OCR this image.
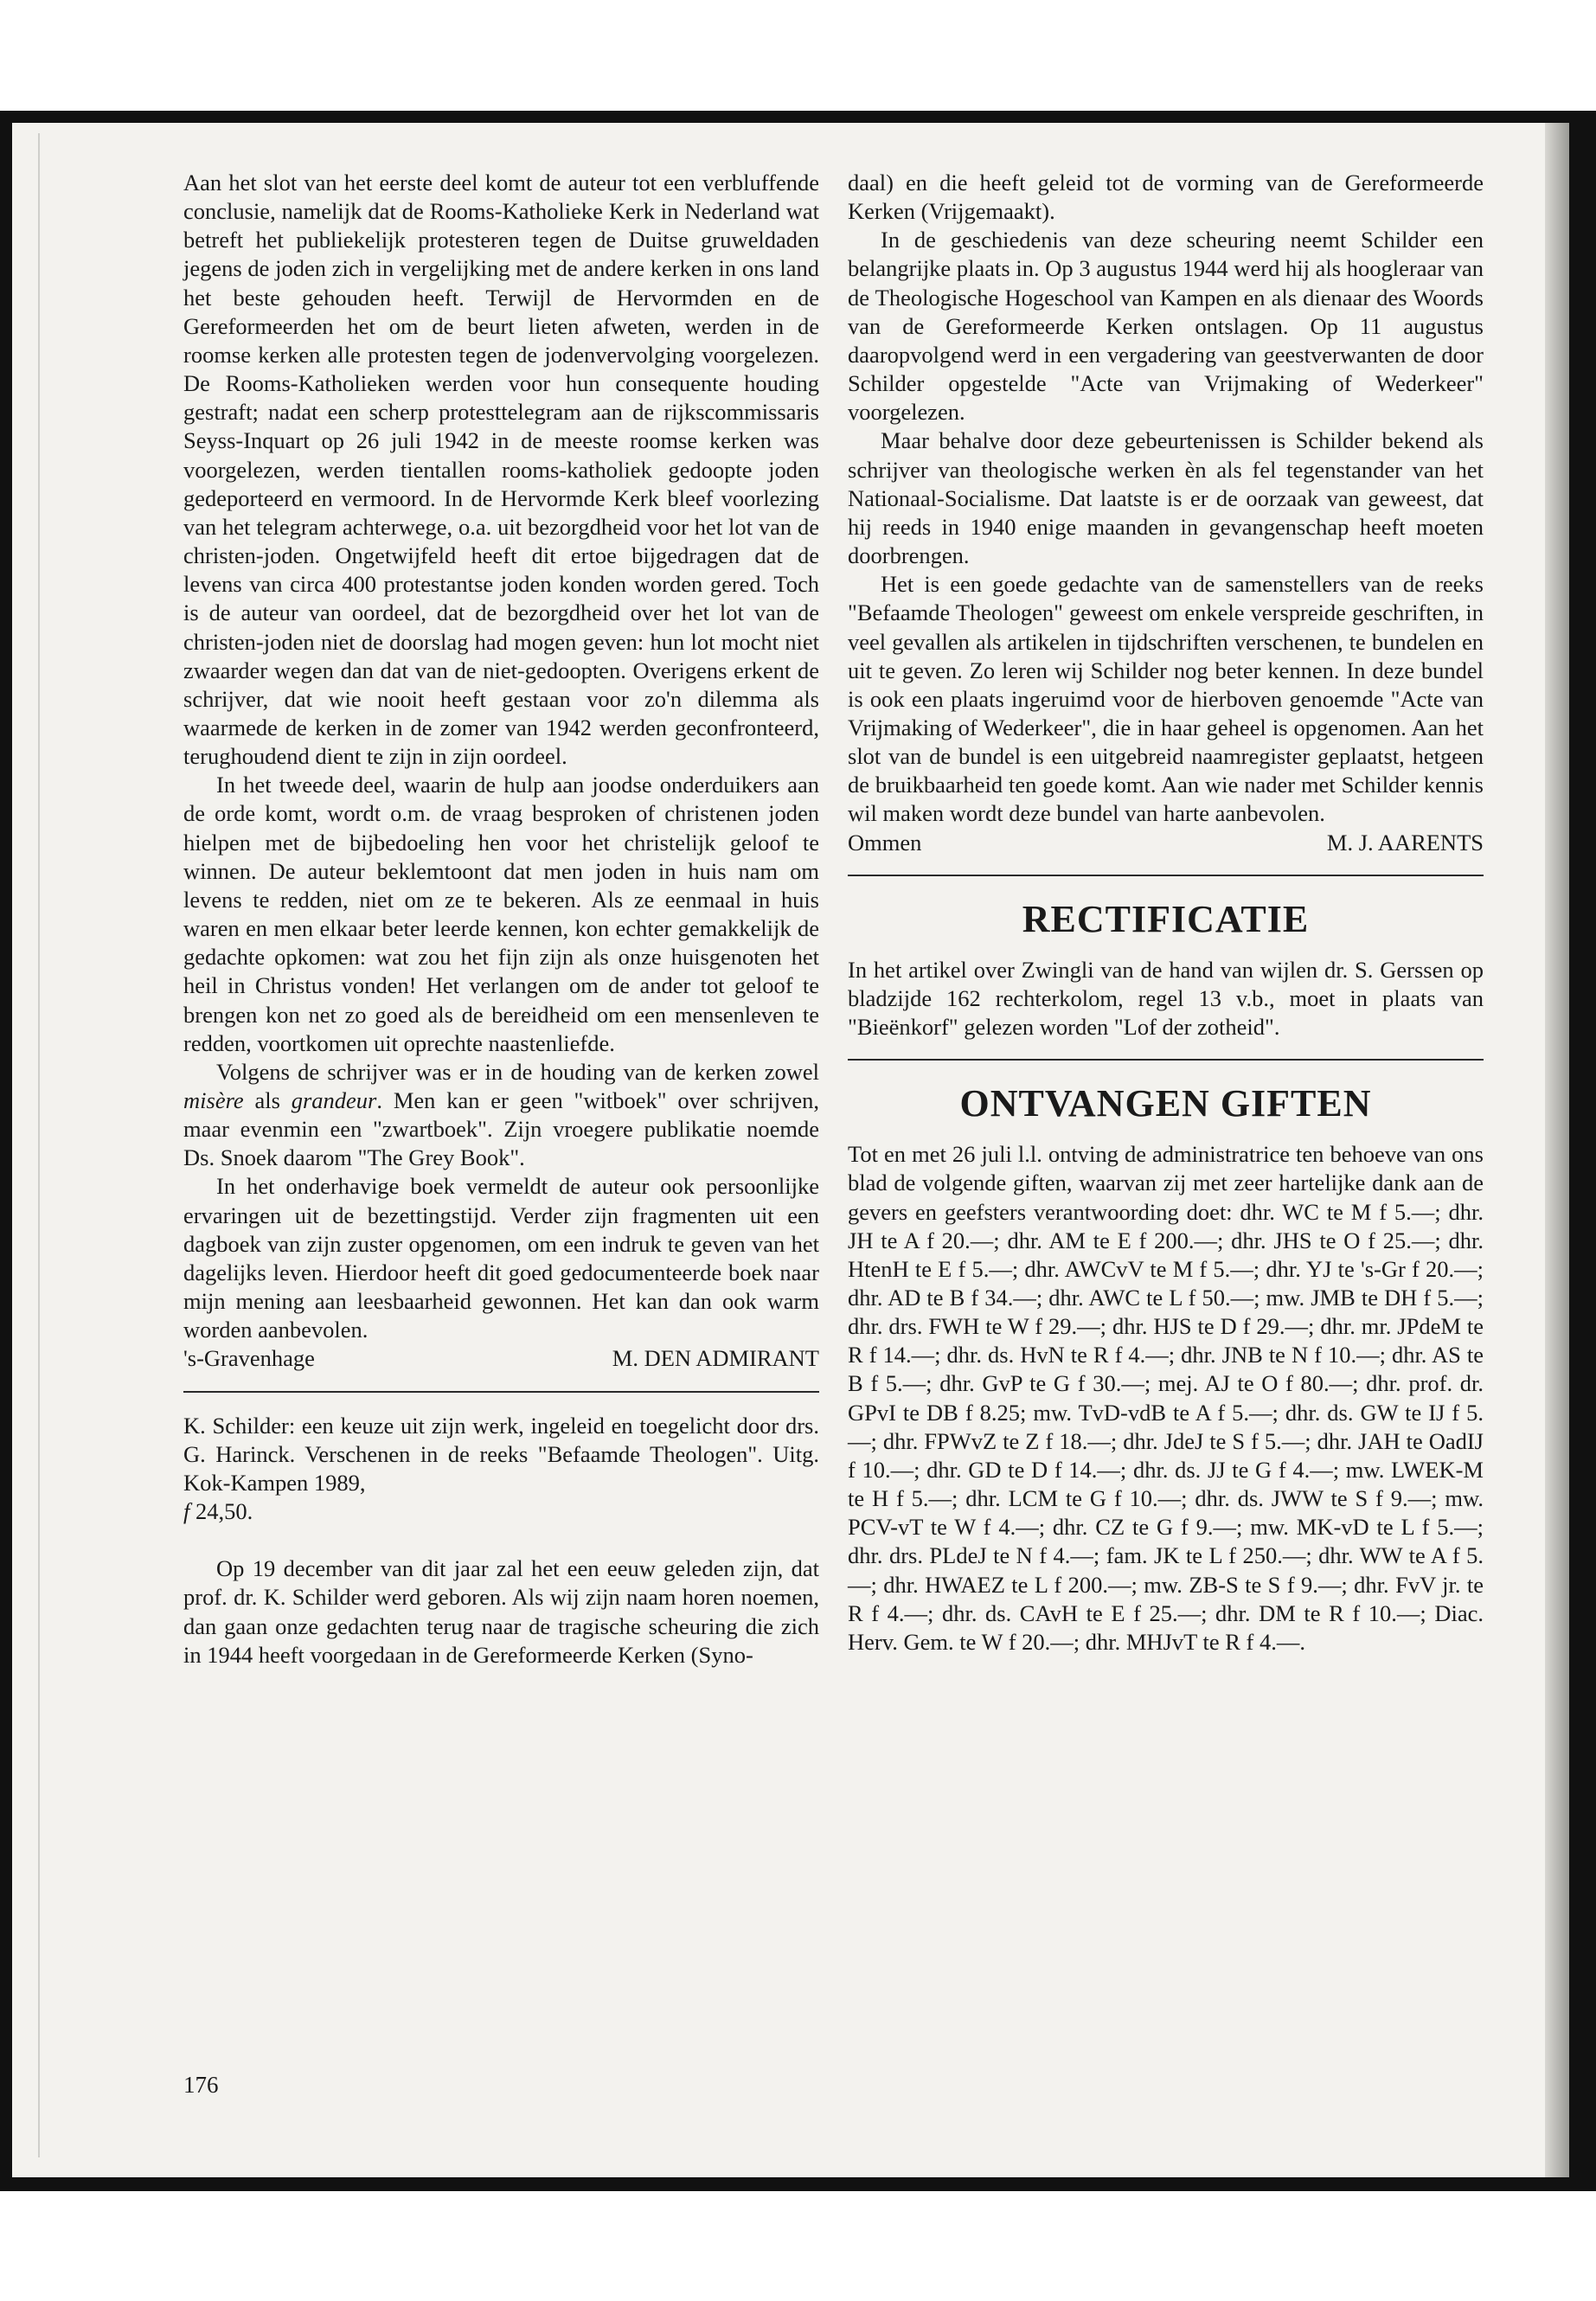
Aan het slot van het eerste deel komt de auteur tot een verbluffende conclusie, namelijk dat de Rooms-Katholieke Kerk in Nederland wat betreft het publiekelijk protesteren tegen de Duitse gruweldaden jegens de joden zich in vergelijking met de andere kerken in ons land het beste gehouden heeft. Terwijl de Hervormden en de Gereformeerden het om de beurt lieten afweten, werden in de roomse kerken alle protesten tegen de jodenvervolging voorgelezen. De Rooms-Katholieken werden voor hun consequente houding gestraft; nadat een scherp protesttelegram aan de rijkscommissaris Seyss-Inquart op 26 juli 1942 in de meeste roomse kerken was voorgelezen, werden tientallen rooms-katholiek gedoopte joden gedeporteerd en vermoord. In de Hervormde Kerk bleef voorlezing van het telegram achterwege, o.a. uit bezorgdheid voor het lot van de christen-joden. Ongetwijfeld heeft dit ertoe bijgedragen dat de levens van circa 400 protestantse joden konden worden gered. Toch is de auteur van oordeel, dat de bezorgdheid over het lot van de christen-joden niet de doorslag had mogen geven: hun lot mocht niet zwaarder wegen dan dat van de niet-gedoopten. Overigens erkent de schrijver, dat wie nooit heeft gestaan voor zo'n dilemma als waarmede de kerken in de zomer van 1942 werden geconfronteerd, terughoudend dient te zijn in zijn oordeel.

In het tweede deel, waarin de hulp aan joodse onderduikers aan de orde komt, wordt o.m. de vraag besproken of christenen joden hielpen met de bijbedoeling hen voor het christelijk geloof te winnen. De auteur beklemtoont dat men joden in huis nam om levens te redden, niet om ze te bekeren. Als ze eenmaal in huis waren en men elkaar beter leerde kennen, kon echter gemakkelijk de gedachte opkomen: wat zou het fijn zijn als onze huisgenoten het heil in Christus vonden! Het verlangen om de ander tot geloof te brengen kon net zo goed als de bereidheid om een mensenleven te redden, voortkomen uit oprechte naastenliefde.

Volgens de schrijver was er in de houding van de kerken zowel misère als grandeur. Men kan er geen "witboek" over schrijven, maar evenmin een "zwartboek". Zijn vroegere publikatie noemde Ds. Snoek daarom "The Grey Book".

In het onderhavige boek vermeldt de auteur ook persoonlijke ervaringen uit de bezettingstijd. Verder zijn fragmenten uit een dagboek van zijn zuster opgenomen, om een indruk te geven van het dagelijks leven. Hierdoor heeft dit goed gedocumenteerde boek naar mijn mening aan leesbaarheid gewonnen. Het kan dan ook warm worden aanbevolen.

's-Gravenhage	M. DEN ADMIRANT

K. Schilder: een keuze uit zijn werk, ingeleid en toegelicht door drs. G. Harinck. Verschenen in de reeks "Befaamde Theologen". Uitg. Kok-Kampen 1989,
f 24,50.

Op 19 december van dit jaar zal het een eeuw geleden zijn, dat prof. dr. K. Schilder werd geboren. Als wij zijn naam horen noemen, dan gaan onze gedachten terug naar de tragische scheuring die zich in 1944 heeft voorgedaan in de Gereformeerde Kerken (Syno-

daal) en die heeft geleid tot de vorming van de Gereformeerde Kerken (Vrijgemaakt).

In de geschiedenis van deze scheuring neemt Schilder een belangrijke plaats in. Op 3 augustus 1944 werd hij als hoogleraar van de Theologische Hogeschool van Kampen en als dienaar des Woords van de Gereformeerde Kerken ontslagen. Op 11 augustus daaropvolgend werd in een vergadering van geestverwanten de door Schilder opgestelde "Acte van Vrijmaking of Wederkeer" voorgelezen.

Maar behalve door deze gebeurtenissen is Schilder bekend als schrijver van theologische werken èn als fel tegenstander van het Nationaal-Socialisme. Dat laatste is er de oorzaak van geweest, dat hij reeds in 1940 enige maanden in gevangenschap heeft moeten doorbrengen.

Het is een goede gedachte van de samenstellers van de reeks "Befaamde Theologen" geweest om enkele verspreide geschriften, in veel gevallen als artikelen in tijdschriften verschenen, te bundelen en uit te geven. Zo leren wij Schilder nog beter kennen. In deze bundel is ook een plaats ingeruimd voor de hierboven genoemde "Acte van Vrijmaking of Wederkeer", die in haar geheel is opgenomen. Aan het slot van de bundel is een uitgebreid naamregister geplaatst, hetgeen de bruikbaarheid ten goede komt. Aan wie nader met Schilder kennis wil maken wordt deze bundel van harte aanbevolen.

Ommen	M. J. AARENTS
RECTIFICATIE

In het artikel over Zwingli van de hand van wijlen dr. S. Gerssen op bladzijde 162 rechterkolom, regel 13 v.b., moet in plaats van "Bieënkorf" gelezen worden "Lof der zotheid".

ONTVANGEN GIFTEN

Tot en met 26 juli l.l. ontving de administratrice ten behoeve van ons blad de volgende giften, waarvan zij met zeer hartelijke dank aan de gevers en geefsters verantwoording doet: dhr. WC te M f 5.—; dhr. JH te A f 20.—; dhr. AM te E f 200.—; dhr. JHS te O f 25.—; dhr. HtenH te E f 5.—; dhr. AWCvV te M f 5.—; dhr. YJ te 's-Gr f 20.—; dhr. AD te B f 34.—; dhr. AWC te L f 50.—; mw. JMB te DH f 5.—; dhr. drs. FWH te W f 29.—; dhr. HJS te D f 29.—; dhr. mr. JPdeM te R f 14.—; dhr. ds. HvN te R f 4.—; dhr. JNB te N f 10.—; dhr. AS te B f 5.—; dhr. GvP te G f 30.—; mej. AJ te O f 80.—; dhr. prof. dr. GPvI te DB f 8.25; mw. TvD-vdB te A f 5.—; dhr. ds. GW te IJ f 5.—; dhr. FPWvZ te Z f 18.—; dhr. JdeJ te S f 5.—; dhr. JAH te OadIJ f 10.—; dhr. GD te D f 14.—; dhr. ds. JJ te G f 4.—; mw. LWEK-M te H f 5.—; dhr. LCM te G f 10.—; dhr. ds. JWW te S f 9.—; mw. PCV-vT te W f 4.—; dhr. CZ te G f 9.—; mw. MK-vD te L f 5.—; dhr. drs. PLdeJ te N f 4.—; fam. JK te L f 250.—; dhr. WW te A f 5.—; dhr. HWAEZ te L f 200.—; mw. ZB-S te S f 9.—; dhr. FvV jr. te R f 4.—; dhr. ds. CAvH te E f 25.—; dhr. DM te R f 10.—; Diac. Herv. Gem. te W f 20.—; dhr. MHJvT te R f 4.—.

176
